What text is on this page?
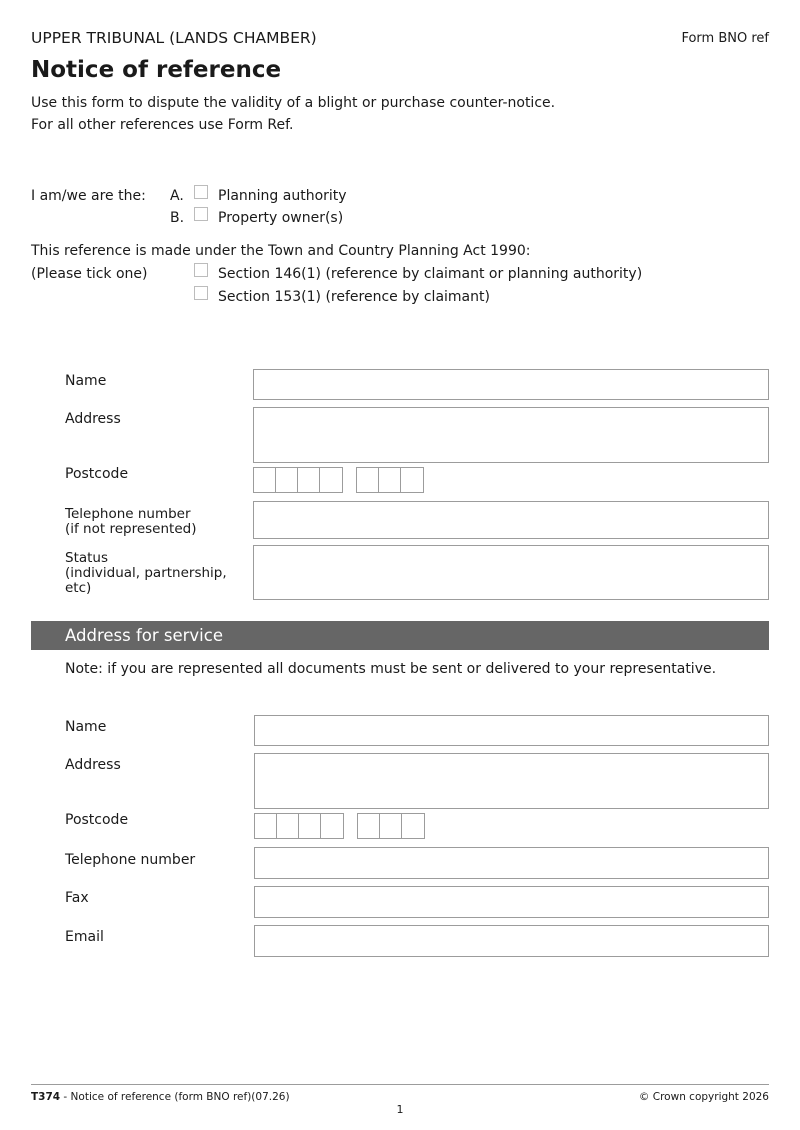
UPPER TRIBUNAL (LANDS CHAMBER)	Form BNO ref
Notice of reference
Use this form to dispute the validity of a blight or purchase counter-notice.
For all other references use Form Ref.
I am/we are the: A. Planning authority
B. Property owner(s)
This reference is made under the Town and Country Planning Act 1990:
(Please tick one)	Section 146(1) (reference by claimant or planning authority)
Section 153(1) (reference by claimant)
Name
Address
Postcode
Telephone number
(if not represented)
Status
(individual, partnership,
etc)
Address for service
Note: if you are represented all documents must be sent or delivered to your representative.
Name
Address
Postcode
Telephone number
Fax
Email
T374 - Notice of reference (form BNO ref)(07.26)	© Crown copyright 2026
1
